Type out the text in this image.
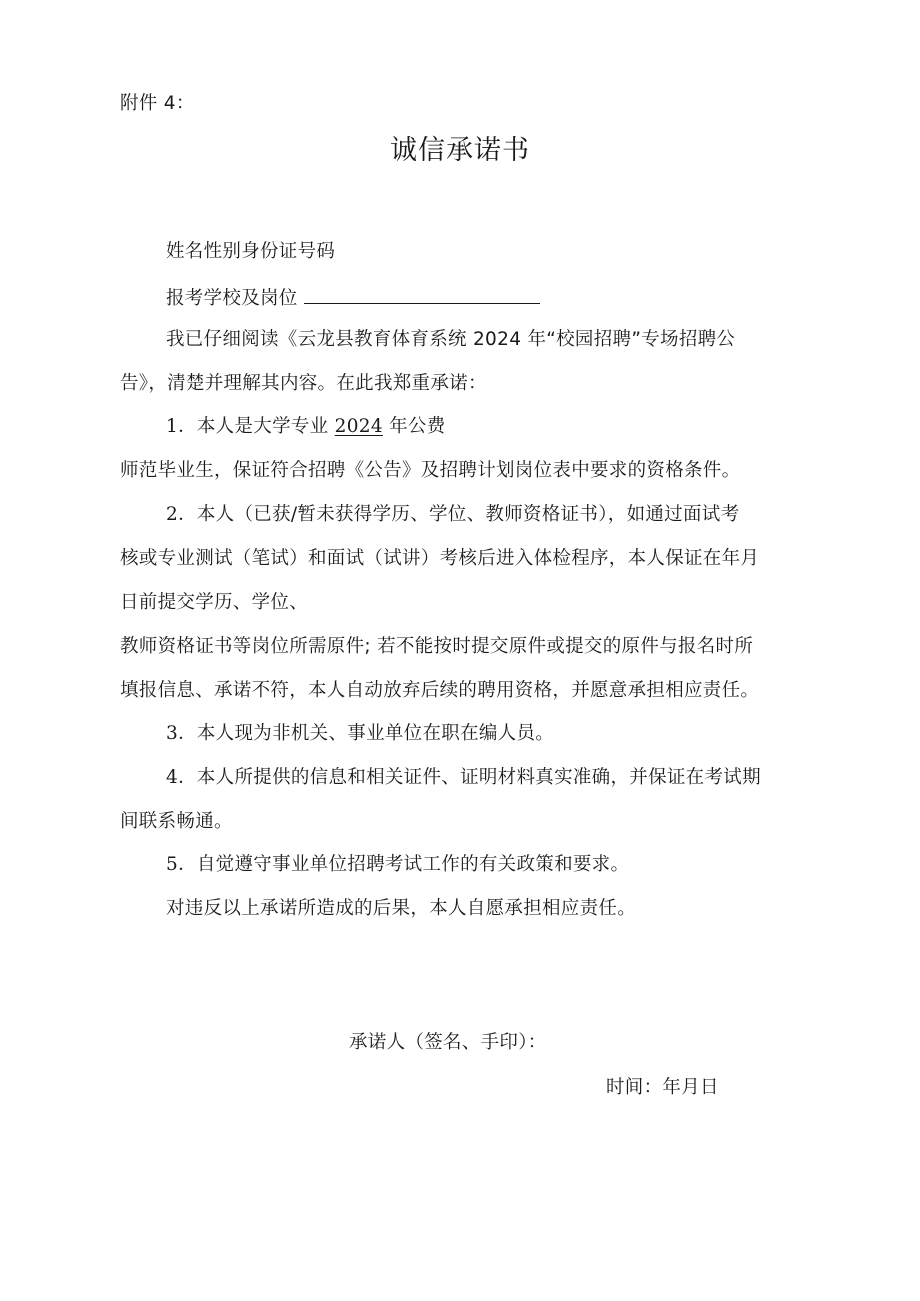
附件 4：
诚信承诺书
姓名性别身份证号码
报考学校及岗位
我已仔细阅读《云龙县教育体育系统 2024 年“校园招聘”专场招聘公
告》，清楚并理解其内容。在此我郑重承诺：
1．本人是大学专业 2024 年公费
师范毕业生，保证符合招聘《公告》及招聘计划岗位表中要求的资格条件。
2．本人（已获/暂未获得学历、学位、教师资格证书），如通过面试考
核或专业测试（笔试）和面试（试讲）考核后进入体检程序，本人保证在年月
日前提交学历、学位、
教师资格证书等岗位所需原件; 若不能按时提交原件或提交的原件与报名时所
填报信息、承诺不符，本人自动放弃后续的聘用资格，并愿意承担相应责任。
3．本人现为非机关、事业单位在职在编人员。
4．本人所提供的信息和相关证件、证明材料真实准确，并保证在考试期
间联系畅通。
5．自觉遵守事业单位招聘考试工作的有关政策和要求。
对违反以上承诺所造成的后果，本人自愿承担相应责任。
承诺人（签名、手印）：
时间：年月日
